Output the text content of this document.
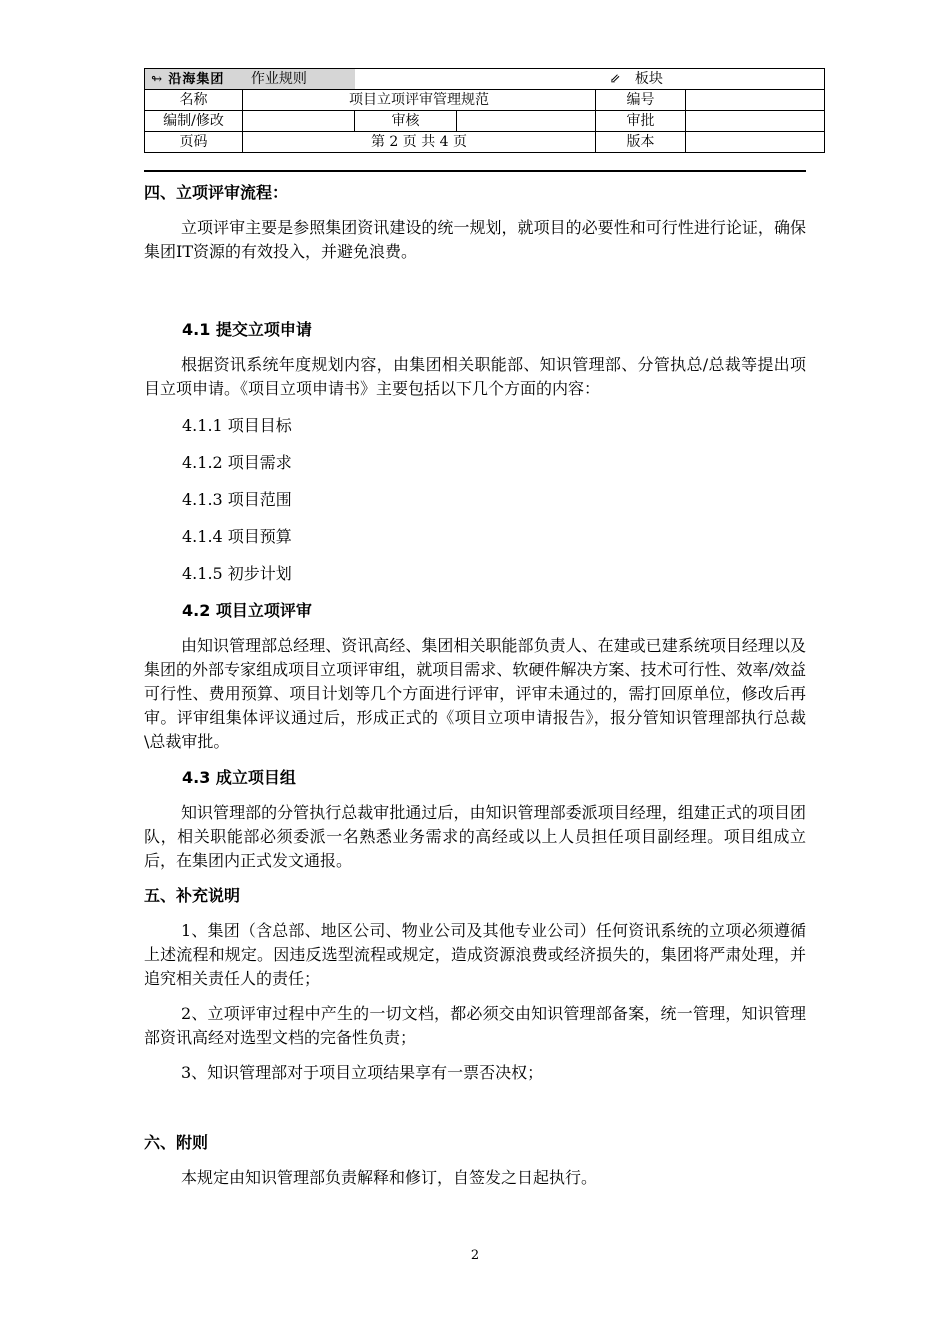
↬ 沿海集团 作业规则				⇙ 板块	
名称	项目立项评审管理规范			编号	
编制/修改		审核		审批	
页码	第 2 页 共 4 页			版本	

四、立项评审流程：

立项评审主要是参照集团资讯建设的统一规划，就项目的必要性和可行性进行论证，确保集团IT资源的有效投入，并避免浪费。

4.1 提交立项申请

根据资讯系统年度规划内容，由集团相关职能部、知识管理部、分管执总/总裁等提出项目立项申请。《项目立项申请书》主要包括以下几个方面的内容：

4.1.1 项目目标

4.1.2 项目需求

4.1.3 项目范围

4.1.4 项目预算

4.1.5 初步计划

4.2 项目立项评审

由知识管理部总经理、资讯高经、集团相关职能部负责人、在建或已建系统项目经理以及集团的外部专家组成项目立项评审组，就项目需求、软硬件解决方案、技术可行性、效率/效益可行性、费用预算、项目计划等几个方面进行评审，评审未通过的，需打回原单位，修改后再审。评审组集体评议通过后，形成正式的《项目立项申请报告》，报分管知识管理部执行总裁\总裁审批。

4.3 成立项目组

知识管理部的分管执行总裁审批通过后，由知识管理部委派项目经理，组建正式的项目团队，相关职能部必须委派一名熟悉业务需求的高经或以上人员担任项目副经理。项目组成立后，在集团内正式发文通报。

五、补充说明

1、集团（含总部、地区公司、物业公司及其他专业公司）任何资讯系统的立项必须遵循上述流程和规定。因违反选型流程或规定，造成资源浪费或经济损失的，集团将严肃处理，并追究相关责任人的责任；

2、立项评审过程中产生的一切文档，都必须交由知识管理部备案，统一管理，知识管理部资讯高经对选型文档的完备性负责；

3、知识管理部对于项目立项结果享有一票否决权；

六、附则

本规定由知识管理部负责解释和修订，自签发之日起执行。

2
